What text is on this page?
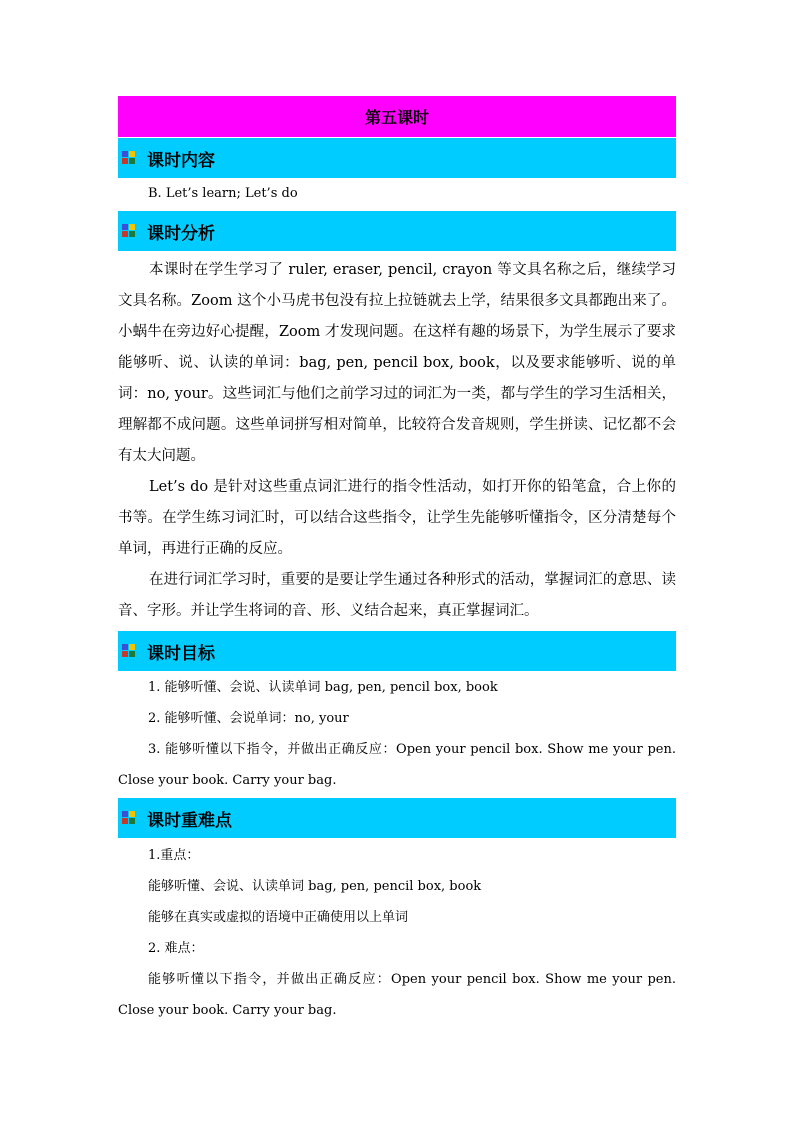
第五课时
课时内容
B. Let’s learn; Let’s do
课时分析

本课时在学生学习了 ruler, eraser, pencil, crayon 等文具名称之后，继续学习文具名称。Zoom 这个小马虎书包没有拉上拉链就去上学，结果很多文具都跑出来了。小蜗牛在旁边好心提醒，Zoom 才发现问题。在这样有趣的场景下，为学生展示了要求能够听、说、认读的单词：bag, pen, pencil box, book，以及要求能够听、说的单词：no, your。这些词汇与他们之前学习过的词汇为一类，都与学生的学习生活相关，理解都不成问题。这些单词拼写相对简单，比较符合发音规则，学生拼读、记忆都不会有太大问题。

Let’s do 是针对这些重点词汇进行的指令性活动，如打开你的铅笔盒，合上你的书等。在学生练习词汇时，可以结合这些指令，让学生先能够听懂指令，区分清楚每个单词，再进行正确的反应。

在进行词汇学习时，重要的是要让学生通过各种形式的活动，掌握词汇的意思、读音、字形。并让学生将词的音、形、义结合起来，真正掌握词汇。

课时目标
1. 能够听懂、会说、认读单词 bag, pen, pencil box, book
2. 能够听懂、会说单词：no, your

3. 能够听懂以下指令，并做出正确反应：Open your pencil box. Show me your pen. Close your book. Carry your bag.

课时重难点
1.重点：
能够听懂、会说、认读单词 bag, pen, pencil box, book
能够在真实或虚拟的语境中正确使用以上单词
2. 难点：

能够听懂以下指令，并做出正确反应：Open your pencil box. Show me your pen. Close your book. Carry your bag.
